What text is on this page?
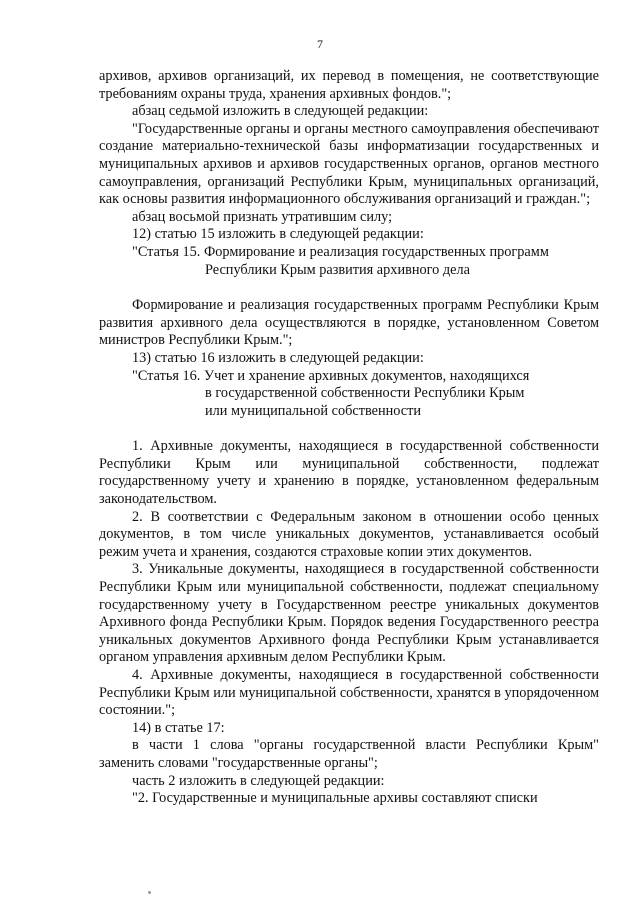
7

архивов, архивов организаций, их перевод в помещения, не соответствующие требованиям охраны труда, хранения архивных фондов.";

абзац седьмой изложить в следующей редакции:

"Государственные органы и органы местного самоуправления обеспечивают создание материально-технической базы информатизации государственных и муниципальных архивов и архивов государственных органов, органов местного самоуправления, организаций Республики Крым, муниципальных организаций, как основы развития информационного обслуживания организаций и граждан.";

абзац восьмой признать утратившим силу;

12) статью 15 изложить в следующей редакции:

"Статья 15. Формирование и реализация государственных программ

Республики Крым развития архивного дела

Формирование и реализация государственных программ Республики Крым развития архивного дела осуществляются в порядке, установленном Советом министров Республики Крым.";

13) статью 16 изложить в следующей редакции:

"Статья 16. Учет и хранение архивных документов, находящихся

в государственной собственности Республики Крым

или муниципальной собственности

1. Архивные документы, находящиеся в государственной собственности Республики Крым или муниципальной собственности, подлежат государственному учету и хранению в порядке, установленном федеральным законодательством.

2. В соответствии с Федеральным законом в отношении особо ценных документов, в том числе уникальных документов, устанавливается особый режим учета и хранения, создаются страховые копии этих документов.

3. Уникальные документы, находящиеся в государственной собственности Республики Крым или муниципальной собственности, подлежат специальному государственному учету в Государственном реестре уникальных документов Архивного фонда Республики Крым. Порядок ведения Государственного реестра уникальных документов Архивного фонда Республики Крым устанавливается органом управления архивным делом Республики Крым.

4. Архивные документы, находящиеся в государственной собственности Республики Крым или муниципальной собственности, хранятся в упорядоченном состоянии.";

14) в статье 17:

в части 1 слова "органы государственной власти Республики Крым" заменить словами "государственные органы";

часть 2 изложить в следующей редакции:

"2. Государственные и муниципальные архивы составляют списки
